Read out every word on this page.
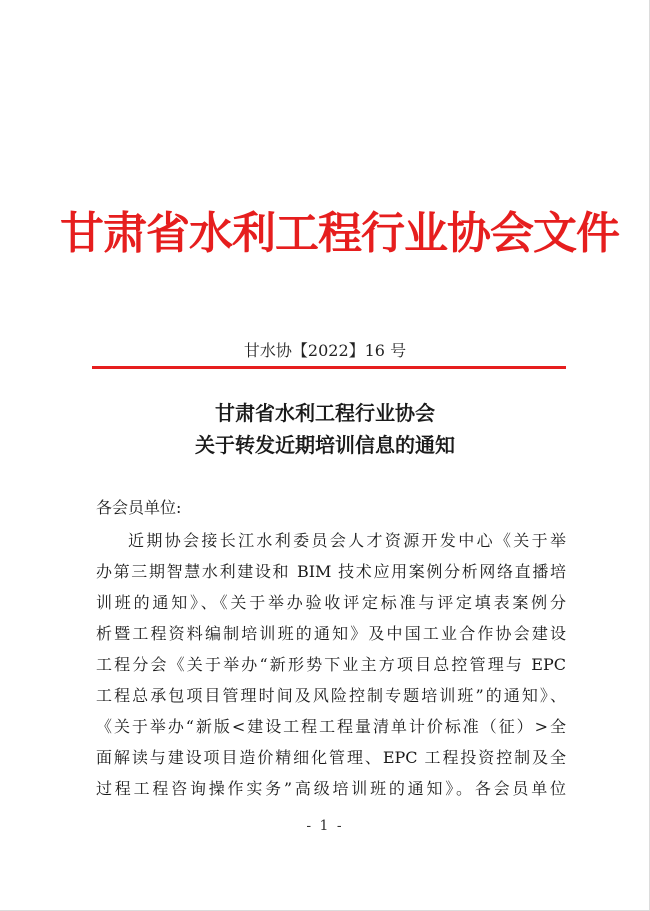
甘肃省水利工程行业协会文件
甘水协【2022】16 号
甘肃省水利工程行业协会
关于转发近期培训信息的通知
各会员单位:
近期协会接长江水利委员会人才资源开发中心《关于举
办第三期智慧水利建设和 BIM 技术应用案例分析网络直播培
训班的通知》、《关于举办验收评定标准与评定填表案例分
析暨工程资料编制培训班的通知》及中国工业合作协会建设
工程分会《关于举办“新形势下业主方项目总控管理与 EPC
工程总承包项目管理时间及风险控制专题培训班”的通知》、
《关于举办“新版<建设工程工程量清单计价标准（征）>全
面解读与建设项目造价精细化管理、EPC 工程投资控制及全
过程工程咨询操作实务”高级培训班的通知》。各会员单位
- 1 -
